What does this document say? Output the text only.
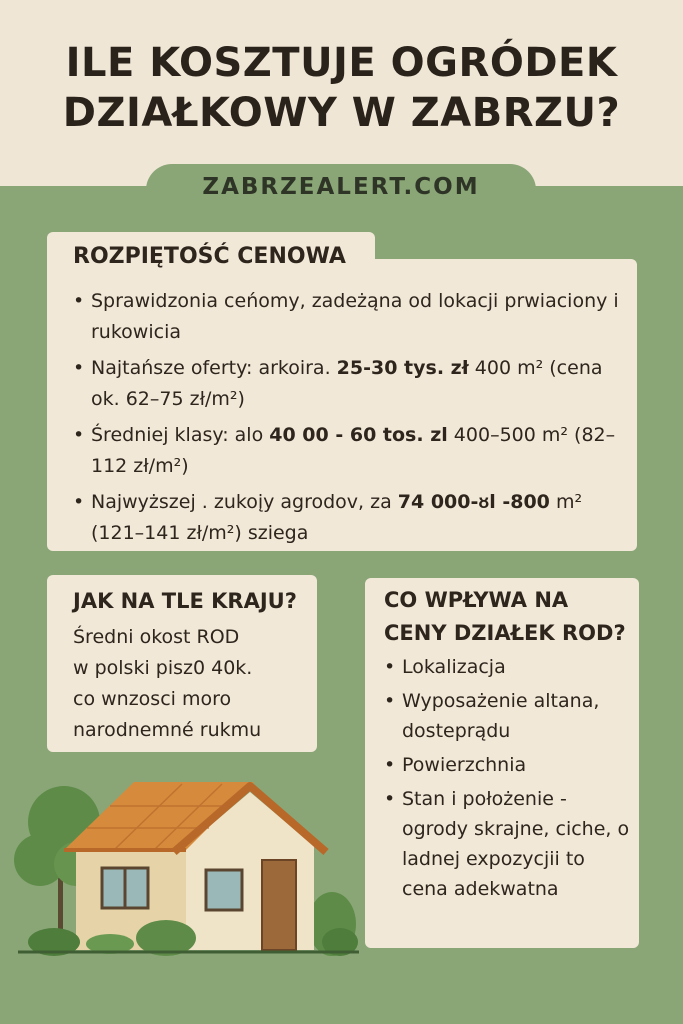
ILE KOSZTUJE OGRÓDEK
DZIAŁKOWY W ZABRZU?
ZABRZEALERT.COM
ROZPIĘTOŚĆ CENOWA
• Sprawidzonia ceńomy, zadeżąna od lokacji prwiaciony i rukowicia
• Najtańsze oferty: arkoira. 25-30 tys. zł 400 m² (cena ok. 62–75 zł/m²)
• Średniej klasy: alo 40 00 - 60 tos. zl 400–500 m² (82–112 zł/m²)
• Najwyższej . zukoįy agrodov, za 74 000-ᴕl -800 m² (121–141 zł/m²) sziega
JAK NA TLE KRAJU?
Średni okost ROD
w polski pisz0 40k.
co wnzosci moro
narodnemné rukmu
CO WPŁYWA NA CENY DZIAŁEK ROD?
• Lokalizacja
• Wyposażenie altana, dosteprądu
• Powierzchnia
• Stan i położenie - ogrody skrajne, ciche, o ladnej expozycjii to cena adekwatna
